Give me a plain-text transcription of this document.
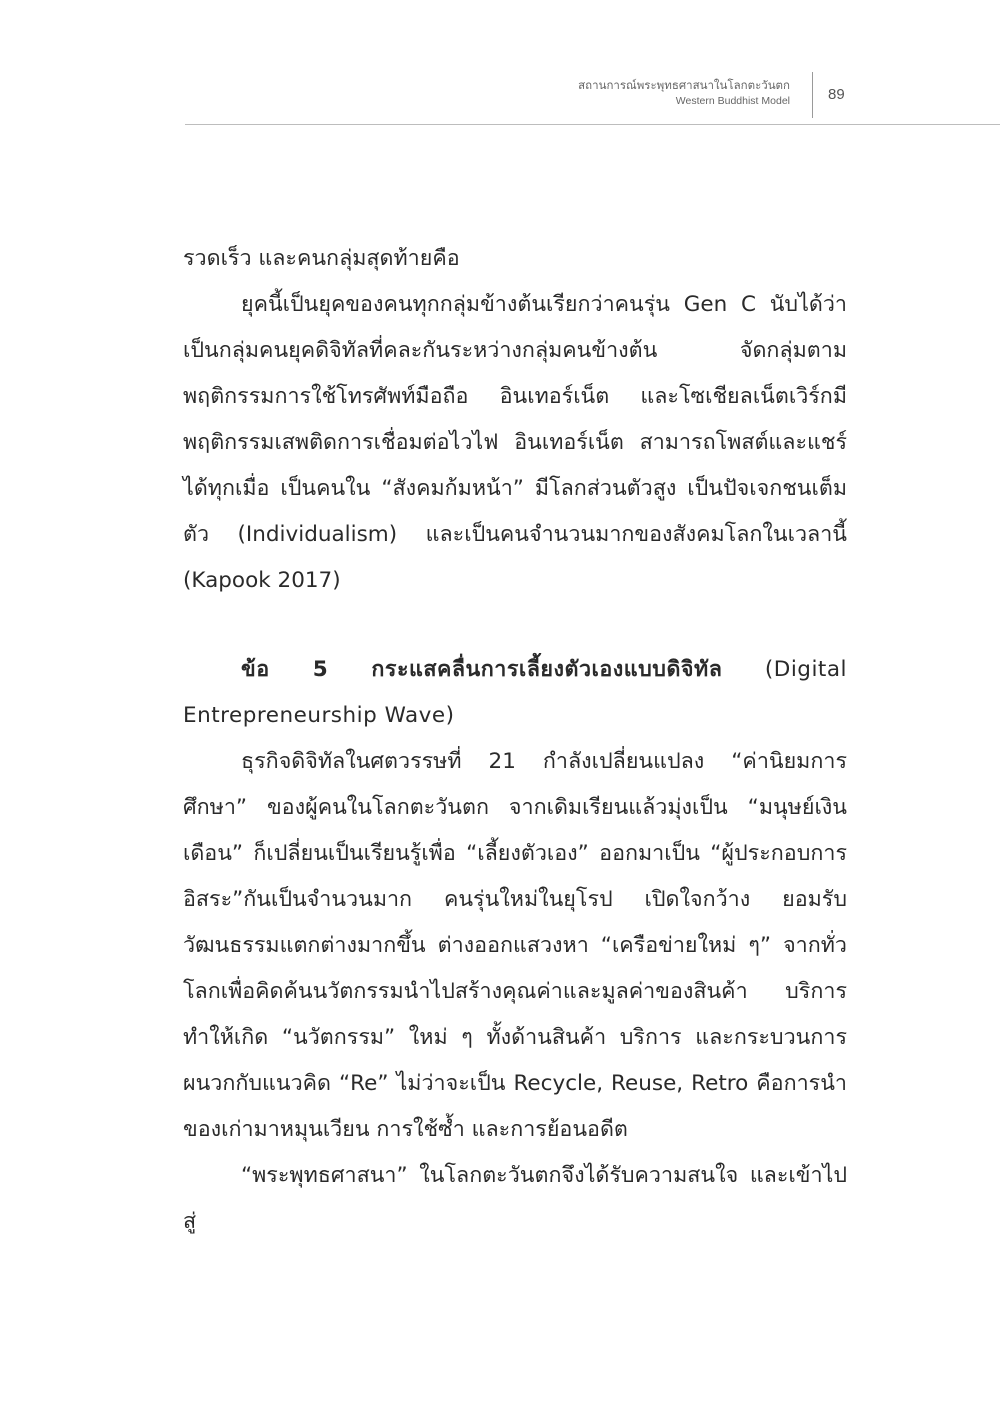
สถานการณ์พระพุทธศาสนาในโลกตะวันตก
Western Buddhist Model	89

รวดเร็ว และคนกลุ่มสุดท้ายคือ

ยุคนี้เป็นยุคของคนทุกกลุ่มข้างต้นเรียกว่าคนรุ่น Gen C นับได้ว่าเป็นกลุ่มคนยุคดิจิทัลที่คละกันระหว่างกลุ่มคนข้างต้น จัดกลุ่มตามพฤติกรรมการใช้โทรศัพท์มือถือ อินเทอร์เน็ต และโซเชียลเน็ตเวิร์กมีพฤติกรรมเสพติดการเชื่อมต่อไวไฟ อินเทอร์เน็ต สามารถโพสต์และแชร์ได้ทุกเมื่อ เป็นคนใน “สังคมก้มหน้า” มีโลกส่วนตัวสูง เป็นปัจเจกชนเต็มตัว (Individualism) และเป็นคนจำนวนมากของสังคมโลกในเวลานี้ (Kapook 2017)

ข้อ 5 กระแสคลื่นการเลี้ยงตัวเองแบบดิจิทัล (Digital Entrepreneurship Wave)

ธุรกิจดิจิทัลในศตวรรษที่ 21 กำลังเปลี่ยนแปลง “ค่านิยมการศึกษา” ของผู้คนในโลกตะวันตก จากเดิมเรียนแล้วมุ่งเป็น “มนุษย์เงินเดือน” ก็เปลี่ยนเป็นเรียนรู้เพื่อ “เลี้ยงตัวเอง” ออกมาเป็น “ผู้ประกอบการอิสระ”กันเป็นจำนวนมาก คนรุ่นใหม่ในยุโรป เปิดใจกว้าง ยอมรับวัฒนธรรมแตกต่างมากขึ้น ต่างออกแสวงหา “เครือข่ายใหม่ ๆ” จากทั่วโลกเพื่อคิดค้นนวัตกรรมนำไปสร้างคุณค่าและมูลค่าของสินค้า บริการ ทำให้เกิด “นวัตกรรม” ใหม่ ๆ ทั้งด้านสินค้า บริการ และกระบวนการ ผนวกกับแนวคิด “Re” ไม่ว่าจะเป็น Recycle, Reuse, Retro คือการนำของเก่ามาหมุนเวียน การใช้ซ้ำ และการย้อนอดีต

“พระพุทธศาสนา” ในโลกตะวันตกจึงได้รับความสนใจ และเข้าไปสู่
